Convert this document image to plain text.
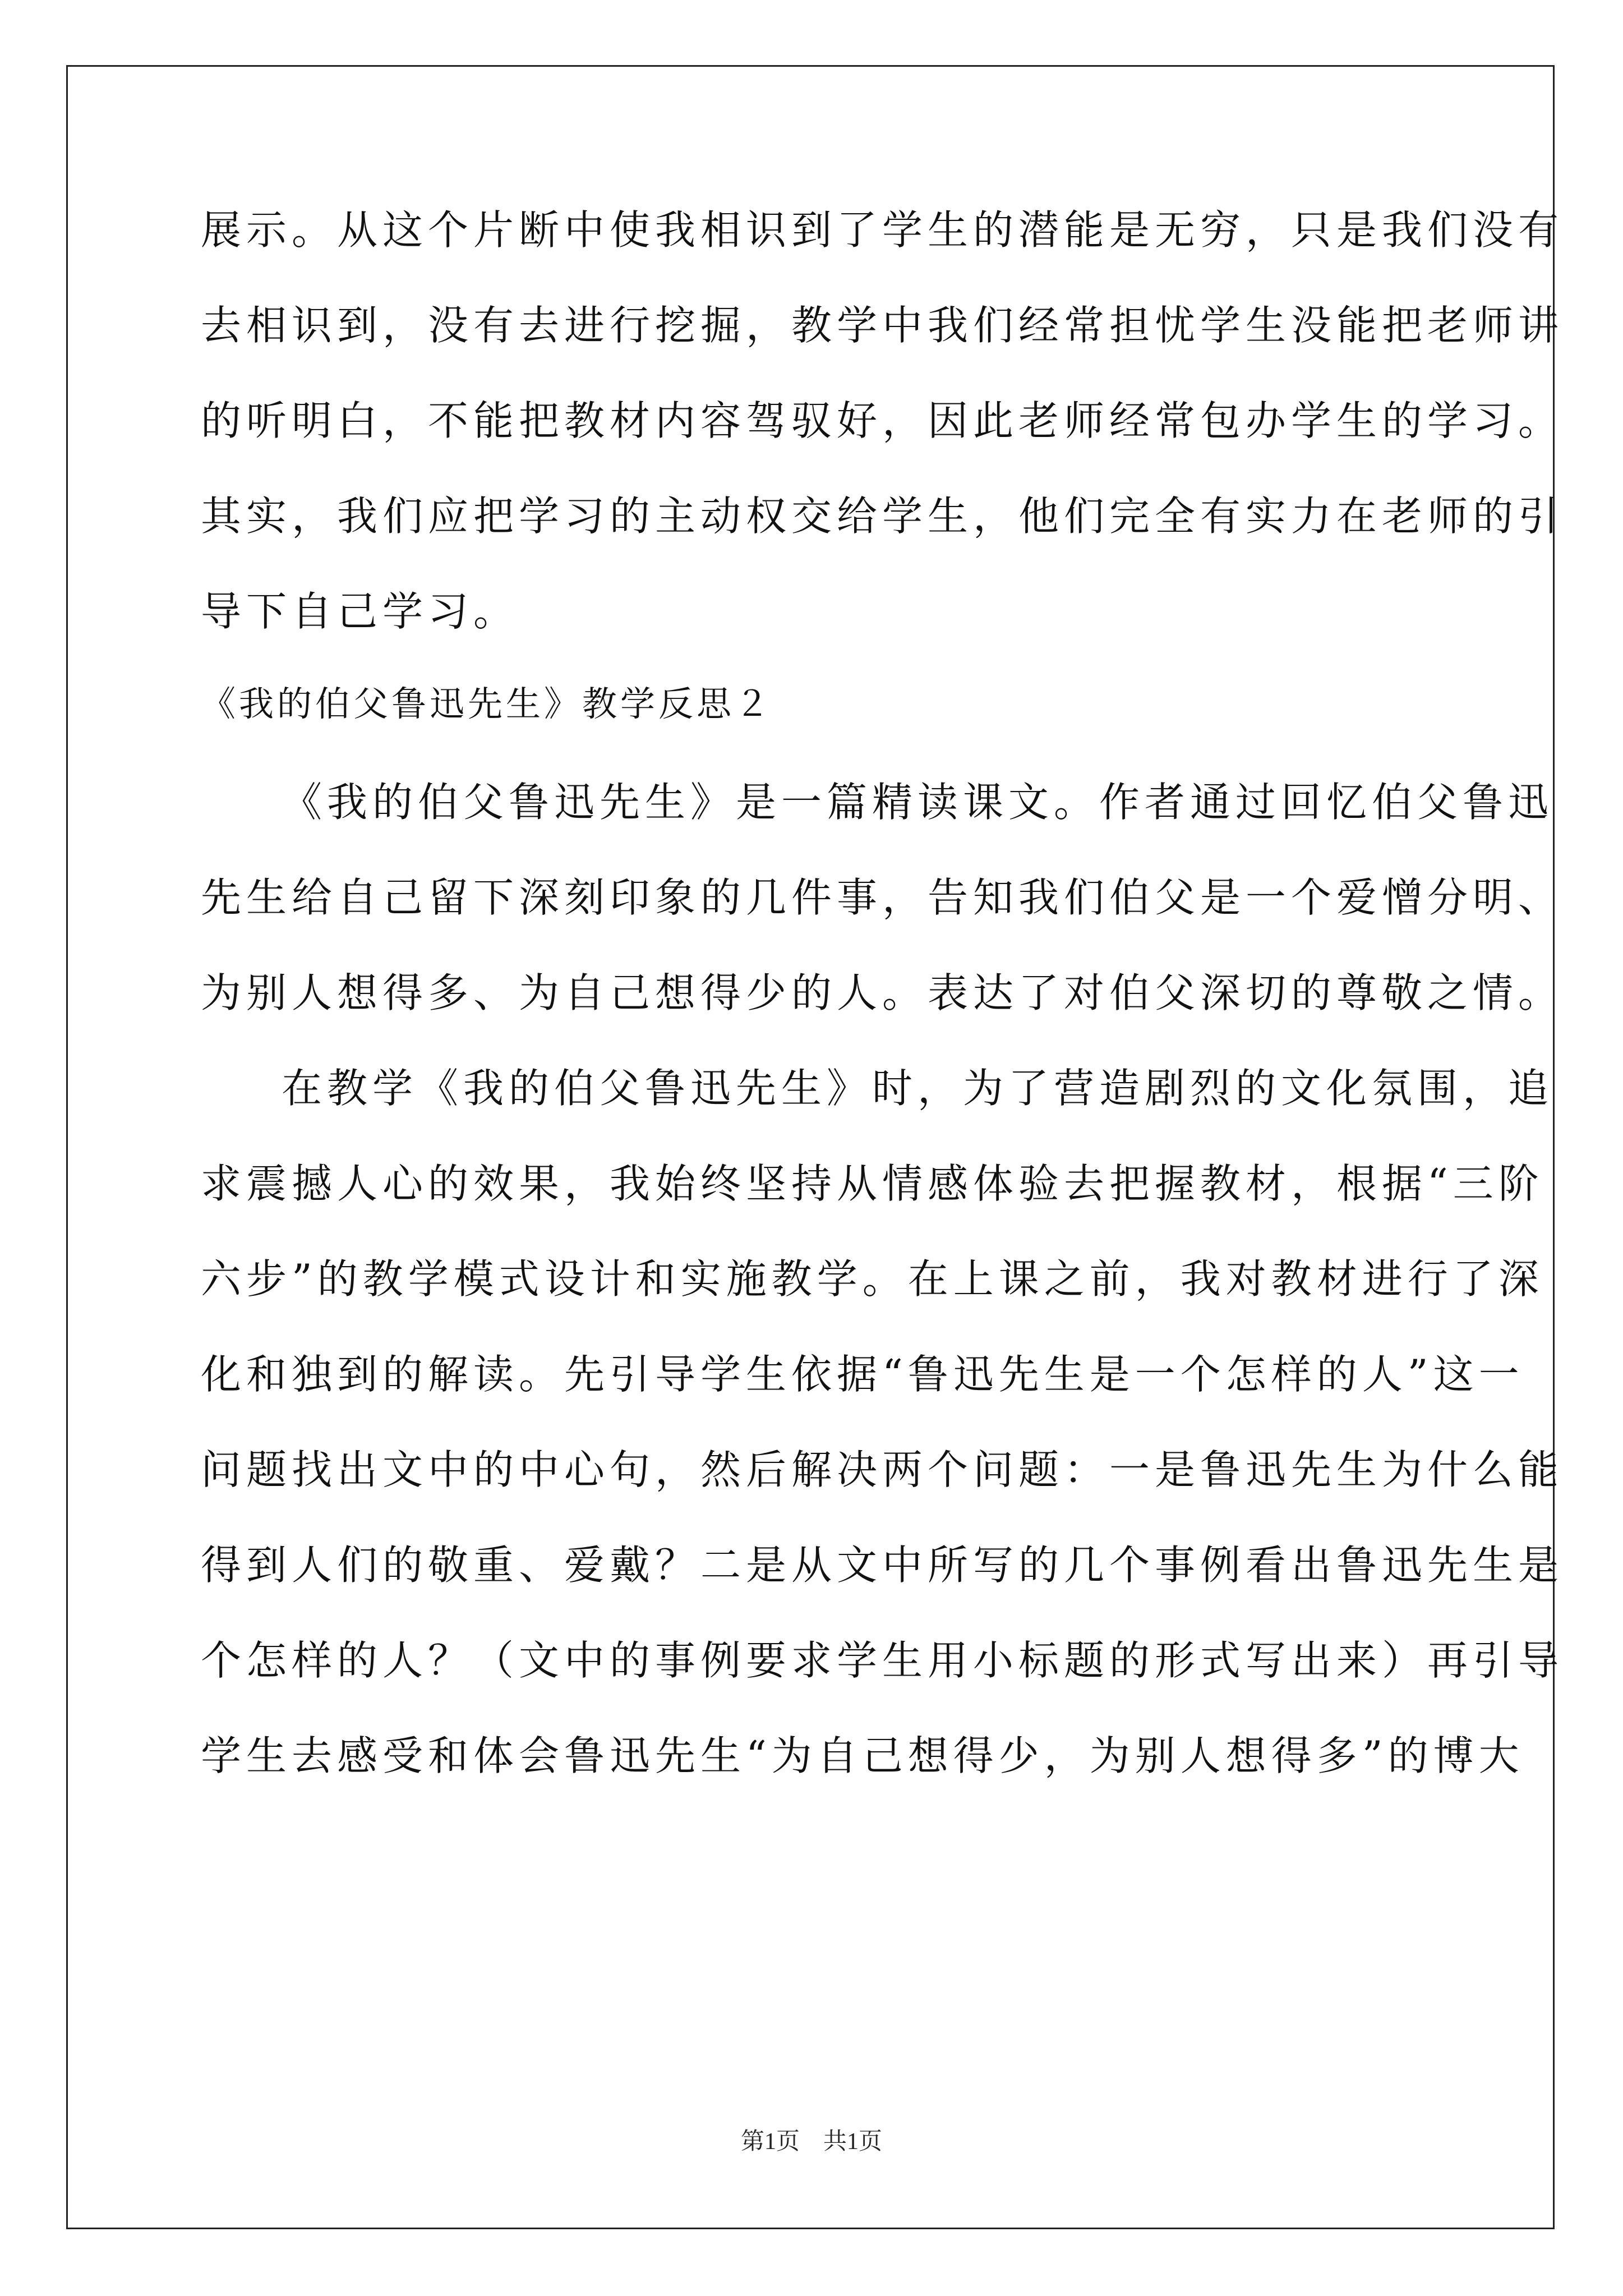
展示。从这个片断中使我相识到了学生的潜能是无穷，只是我们没有
去相识到，没有去进行挖掘，教学中我们经常担忧学生没能把老师讲
的听明白，不能把教材内容驾驭好，因此老师经常包办学生的学习。
其实，我们应把学习的主动权交给学生，他们完全有实力在老师的引
导下自己学习。
《我的伯父鲁迅先生》教学反思２
《我的伯父鲁迅先生》是一篇精读课文。作者通过回忆伯父鲁迅
先生给自己留下深刻印象的几件事，告知我们伯父是一个爱憎分明、
为别人想得多、为自己想得少的人。表达了对伯父深切的尊敬之情。
在教学《我的伯父鲁迅先生》时，为了营造剧烈的文化氛围，追
求震撼人心的效果，我始终坚持从情感体验去把握教材，根据“三阶
六步”的教学模式设计和实施教学。在上课之前，我对教材进行了深
化和独到的解读。先引导学生依据“鲁迅先生是一个怎样的人”这一
问题找出文中的中心句，然后解决两个问题：一是鲁迅先生为什么能
得到人们的敬重、爱戴？二是从文中所写的几个事例看出鲁迅先生是
个怎样的人？（文中的事例要求学生用小标题的形式写出来）再引导
学生去感受和体会鲁迅先生“为自己想得少，为别人想得多”的博大
第1页　共1页
